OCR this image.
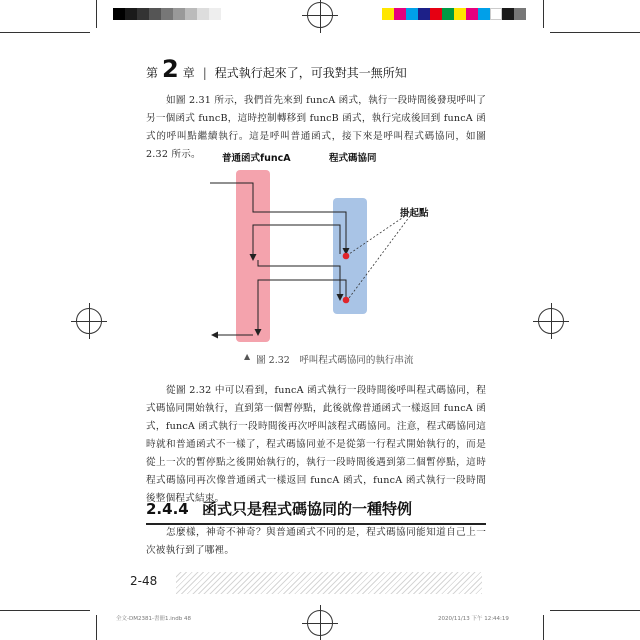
第 2 章 | 程式執行起來了，可我對其一無所知

如圖 2.31 所示，我們首先來到 funcA 函式，執行一段時間後發現呼叫了另一個函式 funcB，這時控制轉移到 funcB 函式，執行完成後回到 funcA 函式的呼叫點繼續執行。這是呼叫普通函式，接下來是呼叫程式碼協同，如圖 2.32 所示。	普通函式funcA	程式碼協同
掛起點
▲ 圖 2.32　呼叫程式碼協同的執行串流

從圖 2.32 中可以看到，funcA 函式執行一段時間後呼叫程式碼協同，程式碼協同開始執行，直到第一個暫停點，此後就像普通函式一樣返回 funcA 函式，funcA 函式執行一段時間後再次呼叫該程式碼協同。注意，程式碼協同這時就和普通函式不一樣了，程式碼協同並不是從第一行程式開始執行的，而是從上一次的暫停點之後開始執行的，執行一段時間後遇到第二個暫停點，這時程式碼協同再次像普通函式一樣返回 funcA 函式，funcA 函式執行一段時間後整個程式結束。

2.4.4 函式只是程式碼協同的一種特例

怎麼樣，神奇不神奇？與普通函式不同的是，程式碼協同能知道自己上一次被執行到了哪裡。

2-48
全文-DM2381-書冊1.indb 48	2020/11/13 下午 12:44:19
